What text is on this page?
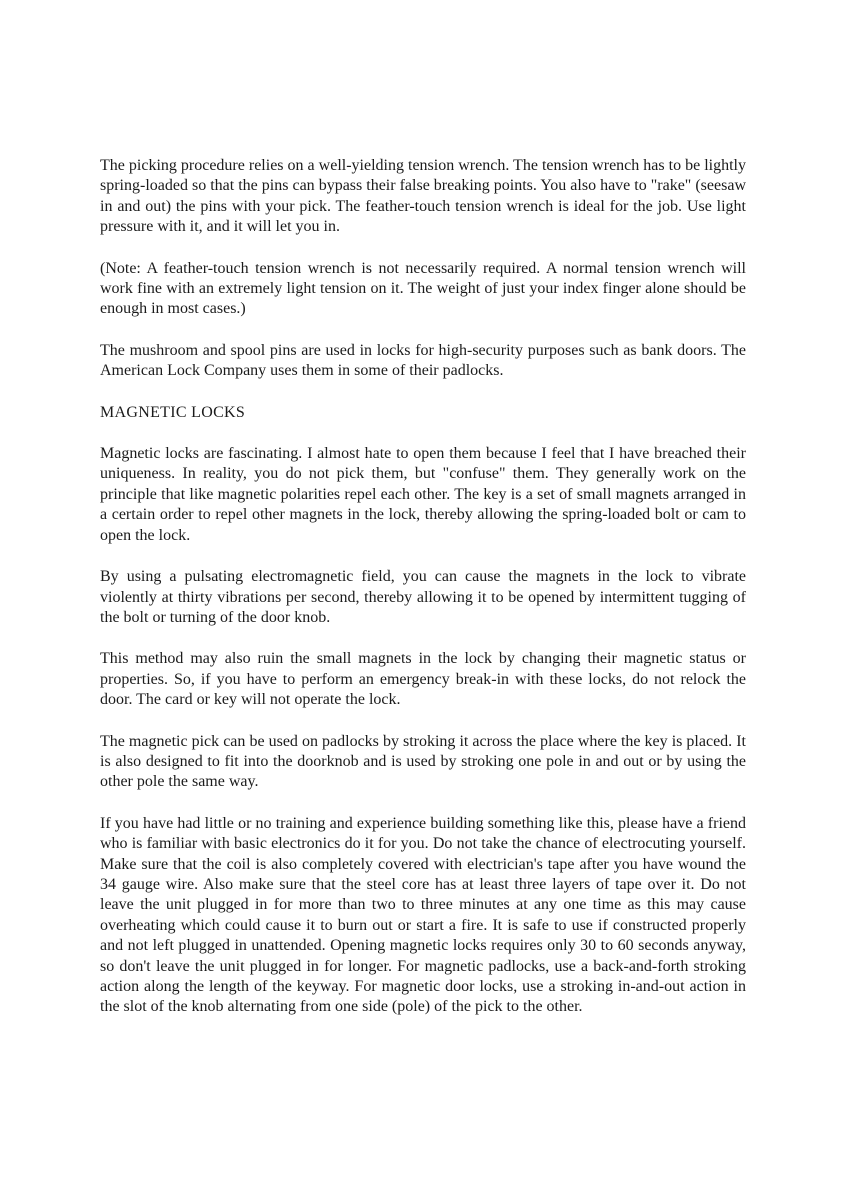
The picking procedure relies on a well-yielding tension wrench. The tension wrench has to be lightly spring-loaded so that the pins can bypass their false breaking points. You also have to "rake" (seesaw in and out) the pins with your pick. The feather-touch tension wrench is ideal for the job. Use light pressure with it, and it will let you in.

(Note: A feather-touch tension wrench is not necessarily required. A normal tension wrench will work fine with an extremely light tension on it. The weight of just your index finger alone should be enough in most cases.)

The mushroom and spool pins are used in locks for high-security purposes such as bank doors. The American Lock Company uses them in some of their padlocks.

MAGNETIC LOCKS

Magnetic locks are fascinating. I almost hate to open them because I feel that I have breached their uniqueness. In reality, you do not pick them, but "confuse" them. They generally work on the principle that like magnetic polarities repel each other. The key is a set of small magnets arranged in a certain order to repel other magnets in the lock, thereby allowing the spring-loaded bolt or cam to open the lock.

By using a pulsating electromagnetic field, you can cause the magnets in the lock to vibrate violently at thirty vibrations per second, thereby allowing it to be opened by intermittent tugging of the bolt or turning of the door knob.

This method may also ruin the small magnets in the lock by changing their magnetic status or properties. So, if you have to perform an emergency break-in with these locks, do not relock the door. The card or key will not operate the lock.

The magnetic pick can be used on padlocks by stroking it across the place where the key is placed. It is also designed to fit into the doorknob and is used by stroking one pole in and out or by using the other pole the same way.

If you have had little or no training and experience building something like this, please have a friend who is familiar with basic electronics do it for you. Do not take the chance of electrocuting yourself. Make sure that the coil is also completely covered with electrician's tape after you have wound the 34 gauge wire. Also make sure that the steel core has at least three layers of tape over it. Do not leave the unit plugged in for more than two to three minutes at any one time as this may cause overheating which could cause it to burn out or start a fire. It is safe to use if constructed properly and not left plugged in unattended. Opening magnetic locks requires only 30 to 60 seconds anyway, so don't leave the unit plugged in for longer. For magnetic padlocks, use a back-and-forth stroking action along the length of the keyway. For magnetic door locks, use a stroking in-and-out action in the slot of the knob alternating from one side (pole) of the pick to the other.
